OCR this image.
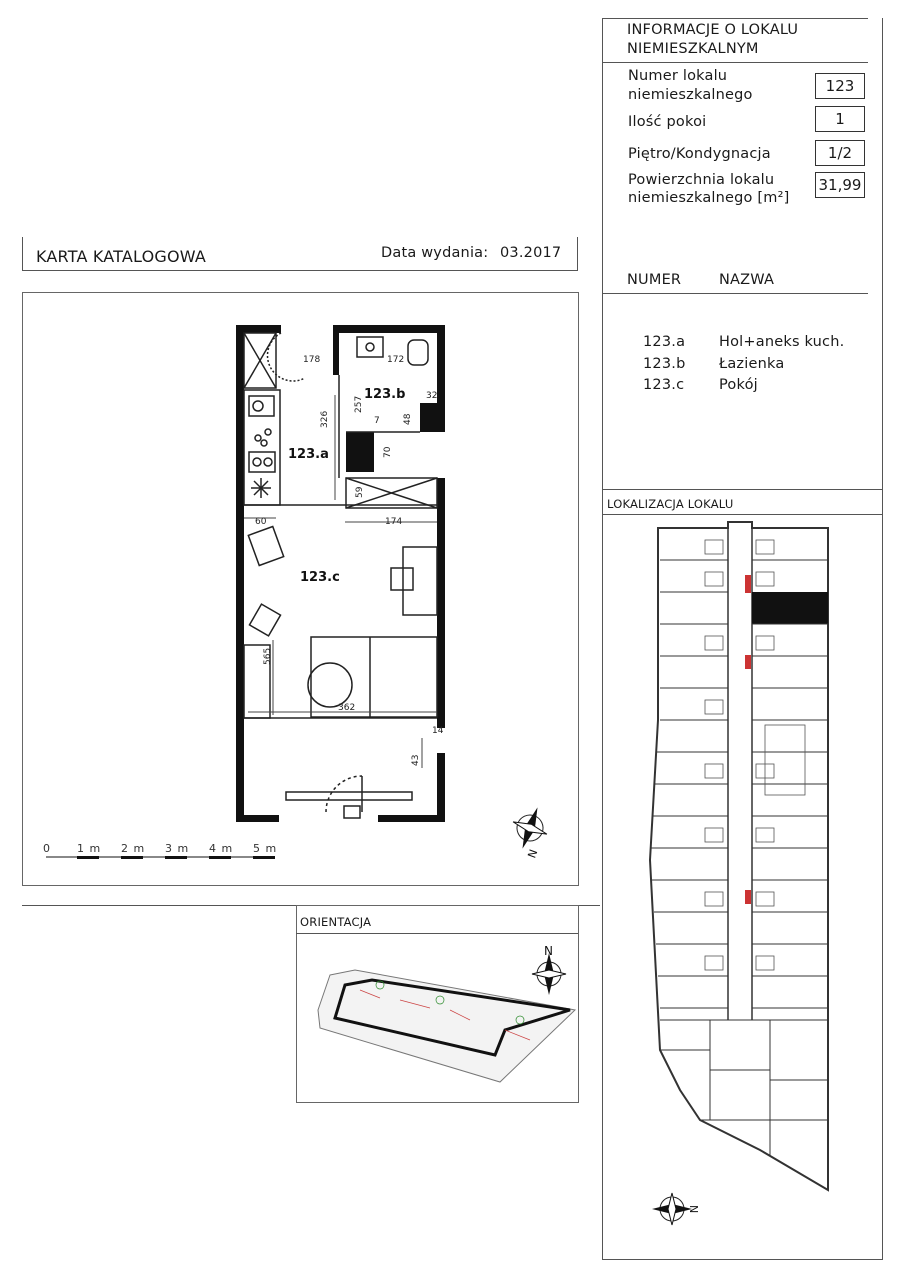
INFORMACJE O LOKALU
NIEMIESZKALNYM
Numer lokalu
niemieszkalnego	123
Ilość pokoi	1
Piętro/Kondygnacja	1/2
Powierzchnia lokalu
niemieszkalnego [m²]
31,99
NUMER	NAZWA
123.a Hol+aneks kuch.
123.b Łazienka
123.c Pokój
KARTA KATALOGOWA	Data wydania: 03.2017
123.a
123.b
123.c
178	172
257	32
326	7	48
70
59
174
60
565
362
43
14
0 1 m 2 m 3 m 4 m 5 m	N
ORIENTACJA
N
LOKALIZACJA LOKALU
N
